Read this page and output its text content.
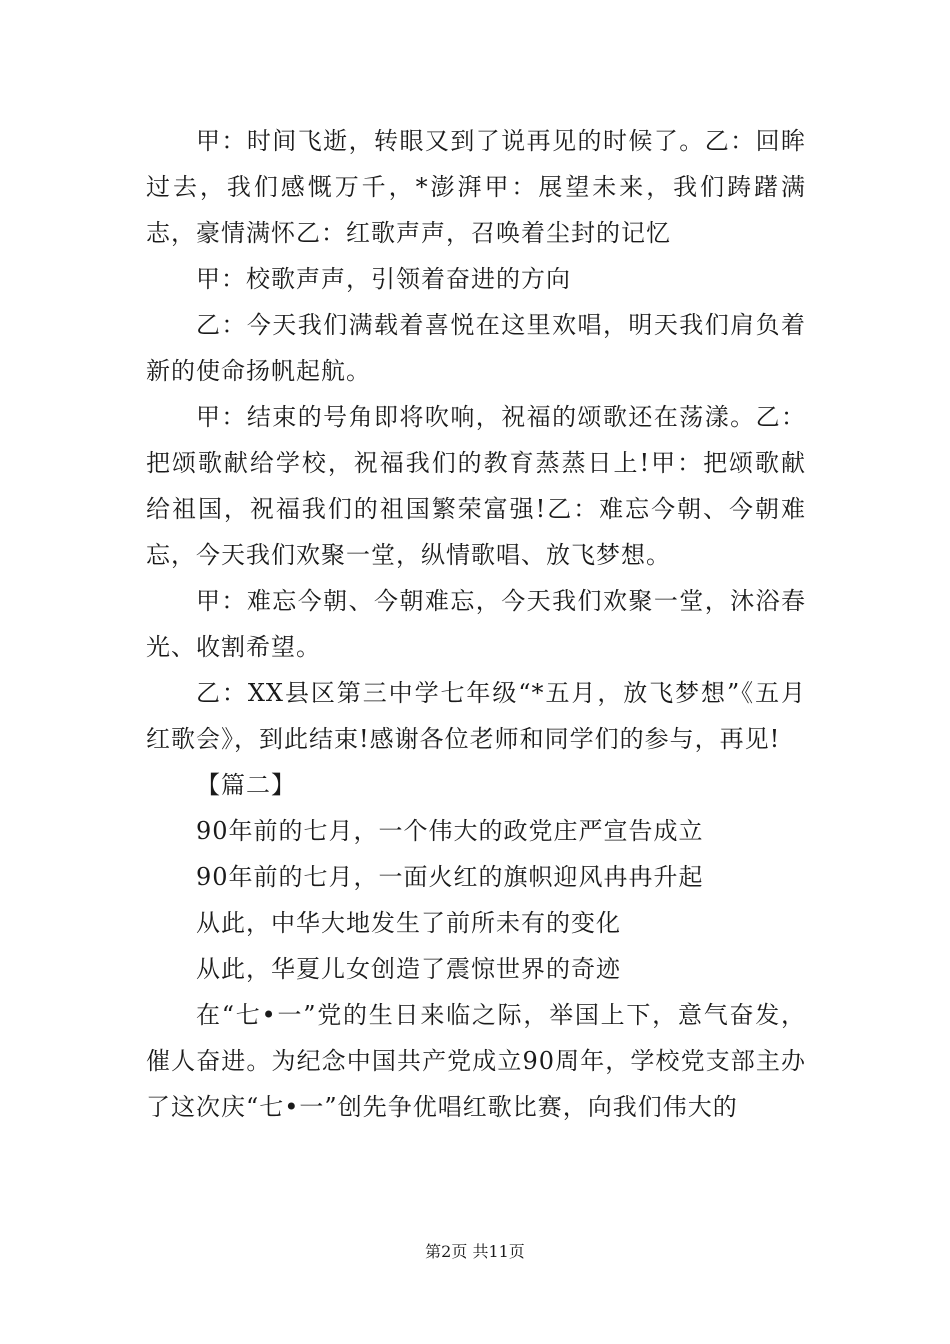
甲：时间飞逝，转眼又到了说再见的时候了。乙：回眸过去，我们感慨万千，*澎湃甲：展望未来，我们踌躇满志，豪情满怀乙：红歌声声，召唤着尘封的记忆

甲：校歌声声，引领着奋进的方向

乙：今天我们满载着喜悦在这里欢唱，明天我们肩负着新的使命扬帆起航。

甲：结束的号角即将吹响，祝福的颂歌还在荡漾。乙：把颂歌献给学校，祝福我们的教育蒸蒸日上!甲：把颂歌献给祖国，祝福我们的祖国繁荣富强!乙：难忘今朝、今朝难忘，今天我们欢聚一堂，纵情歌唱、放飞梦想。

甲：难忘今朝、今朝难忘，今天我们欢聚一堂，沐浴春光、收割希望。

乙：XX县区第三中学七年级“*五月，放飞梦想”《五月红歌会》，到此结束!感谢各位老师和同学们的参与，再见!

【篇二】

90年前的七月，一个伟大的政党庄严宣告成立

90年前的七月，一面火红的旗帜迎风冉冉升起

从此，中华大地发生了前所未有的变化

从此，华夏儿女创造了震惊世界的奇迹

在“七•一”党的生日来临之际，举国上下，意气奋发，催人奋进。为纪念中国共产党成立90周年，学校党支部主办了这次庆“七•一”创先争优唱红歌比赛，向我们伟大的

第2页 共11页
